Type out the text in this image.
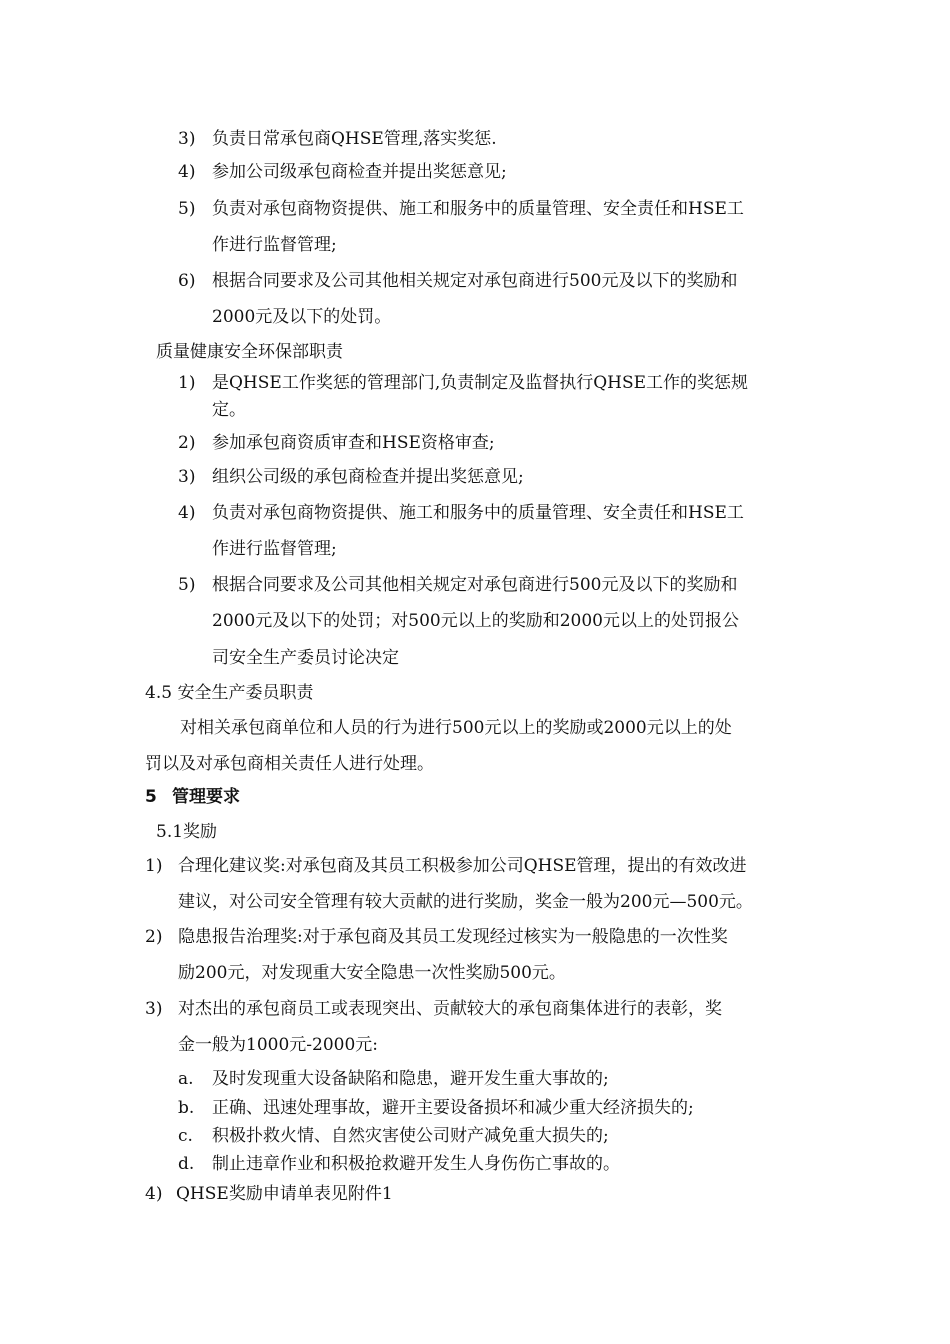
3) 负责日常承包商QHSE管理,落实奖惩.
4) 参加公司级承包商检查并提出奖惩意见;
5) 负责对承包商物资提供、施工和服务中的质量管理、安全责任和HSE工
作进行监督管理;
6) 根据合同要求及公司其他相关规定对承包商进行500元及以下的奖励和
2000元及以下的处罚。
质量健康安全环保部职责
1) 是QHSE工作奖惩的管理部门,负责制定及监督执行QHSE工作的奖惩规
定。
2) 参加承包商资质审查和HSE资格审查;
3) 组织公司级的承包商检查并提出奖惩意见;
4) 负责对承包商物资提供、施工和服务中的质量管理、安全责任和HSE工
作进行监督管理;
5) 根据合同要求及公司其他相关规定对承包商进行500元及以下的奖励和
2000元及以下的处罚；对500元以上的奖励和2000元以上的处罚报公
司安全生产委员讨论决定
4.5 安全生产委员职责
对相关承包商单位和人员的行为进行500元以上的奖励或2000元以上的处
罚以及对承包商相关责任人进行处理。
5 管理要求
5.1奖励
1) 合理化建议奖:对承包商及其员工积极参加公司QHSE管理，提出的有效改进
建议，对公司安全管理有较大贡献的进行奖励，奖金一般为200元—500元。
2) 隐患报告治理奖:对于承包商及其员工发现经过核实为一般隐患的一次性奖
励200元，对发现重大安全隐患一次性奖励500元。
3) 对杰出的承包商员工或表现突出、贡献较大的承包商集体进行的表彰，奖
金一般为1000元-2000元:
a. 及时发现重大设备缺陷和隐患，避开发生重大事故的;
b. 正确、迅速处理事故，避开主要设备损坏和减少重大经济损失的;
c. 积极扑救火情、自然灾害使公司财产减免重大损失的;
d. 制止违章作业和积极抢救避开发生人身伤伤亡事故的。
4) QHSE奖励申请单表见附件1
